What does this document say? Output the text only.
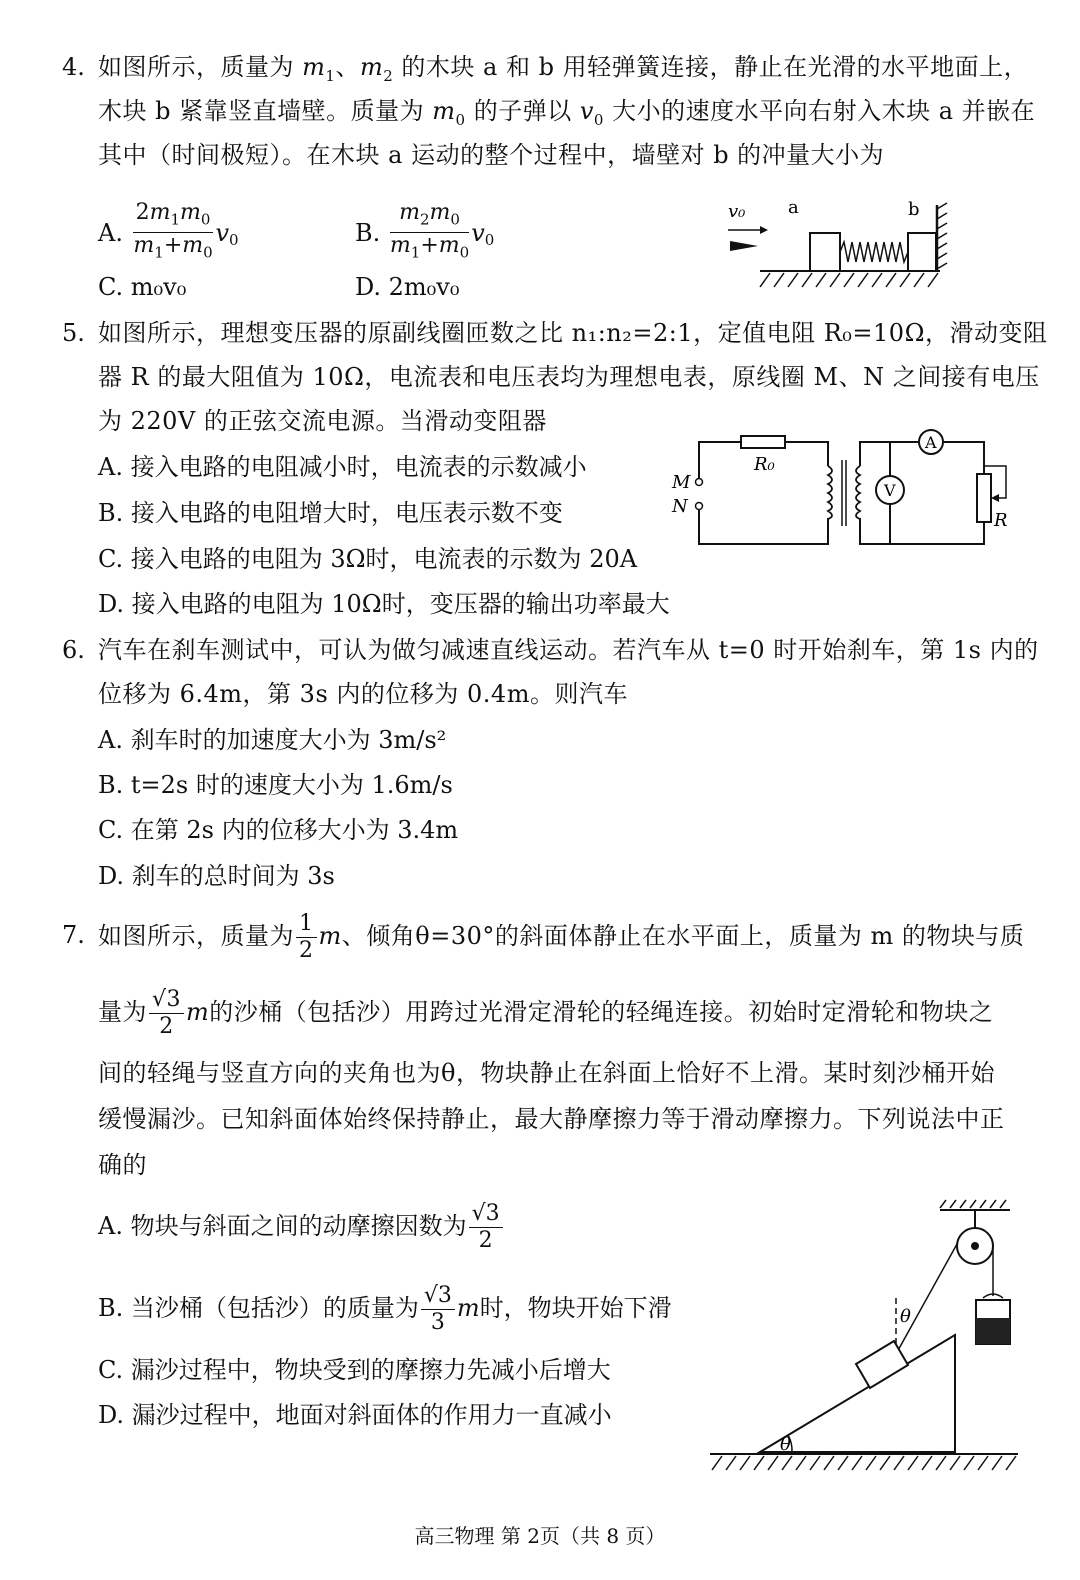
4. 如图所示，质量为 $m_1$、$m_2$ 的木块 a 和 b 用轻弹簧连接，静止在光滑的水平地面上，
木块 b 紧靠竖直墙壁。质量为 $m_0$ 的子弹以 $v_0$ 大小的速度水平向右射入木块 a 并嵌在
其中（时间极短）。在木块 a 运动的整个过程中，墙壁对 b 的冲量大小为
A. $\frac{2m_1m_0}{m_1+m_0} v_0$	B. $\frac{m_2m_0}{m_1+m_0} v_0$
C. m₀v₀	D. 2m₀v₀
v₀ a	b
5. 如图所示，理想变压器的原副线圈匝数之比 n₁:n₂=2:1，定值电阻 R₀=10Ω，滑动变阻
器 R 的最大阻值为 10Ω，电流表和电压表均为理想电表，原线圈 M、N 之间接有电压
为 220V 的正弦交流电源。当滑动变阻器
A. 接入电路的电阻减小时，电流表的示数减小
B. 接入电路的电阻增大时，电压表示数不变
C. 接入电路的电阻为 3Ω时，电流表的示数为 20A
D. 接入电路的电阻为 10Ω时，变压器的输出功率最大
M
N
R₀
A
V
R
6. 汽车在刹车测试中，可认为做匀减速直线运动。若汽车从 t=0 时开始刹车，第 1s 内的
位移为 6.4m，第 3s 内的位移为 0.4m。则汽车
A. 刹车时的加速度大小为 3m/s²
B. t=2s 时的速度大小为 1.6m/s
C. 在第 2s 内的位移大小为 3.4m
D. 刹车的总时间为 3s
7. 如图所示，质量为 $\frac{1}{2}$ m、倾角θ=30°的斜面体静止在水平面上，质量为 m 的物块与质
量为 $\frac{√3}{2}$ m的沙桶（包括沙）用跨过光滑定滑轮的轻绳连接。初始时定滑轮和物块之
间的轻绳与竖直方向的夹角也为θ，物块静止在斜面上恰好不上滑。某时刻沙桶开始
缓慢漏沙。已知斜面体始终保持静止，最大静摩擦力等于滑动摩擦力。下列说法中正
确的
A. 物块与斜面之间的动摩擦因数为 $\frac{√3}{2}$
B. 当沙桶（包括沙）的质量为 $\frac{√3}{3}$ m时，物块开始下滑
C. 漏沙过程中，物块受到的摩擦力先减小后增大
D. 漏沙过程中，地面对斜面体的作用力一直减小
θ
θ
高三物理 第 2页（共 8 页）
